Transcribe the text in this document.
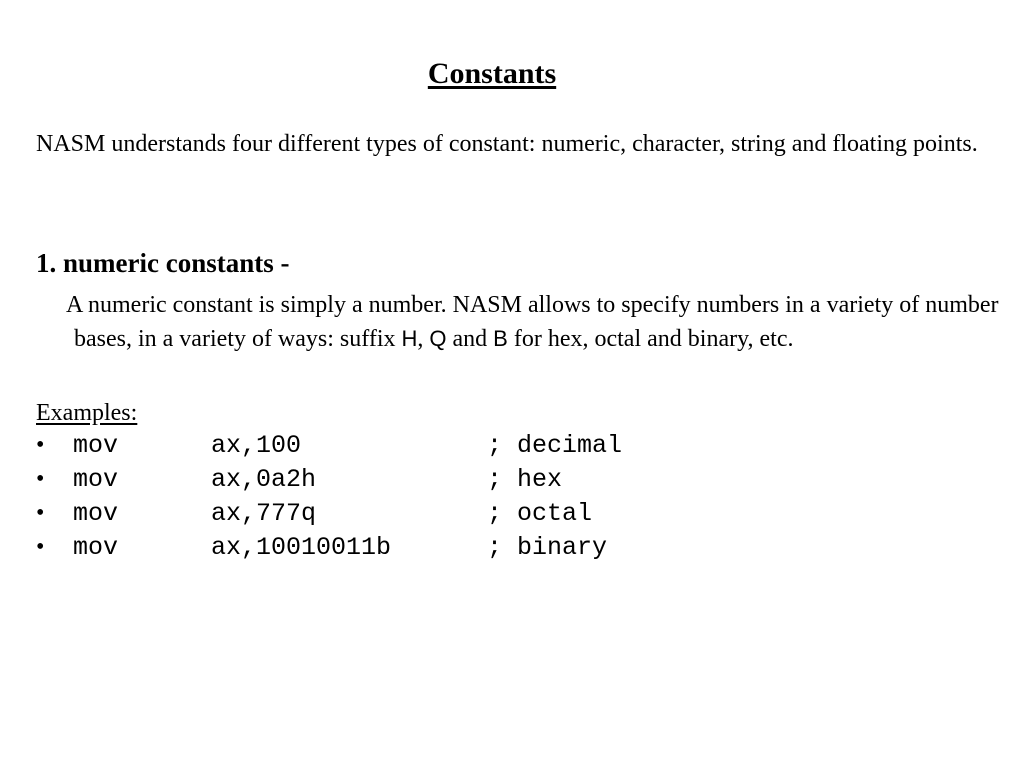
Constants
NASM understands four different types of constant: numeric, character, string and floating points.
1. numeric constants -
A numeric constant is simply a number. NASM allows to specify numbers in a variety of number bases, in a variety of ways: suffix H, Q and B for hex, octal and binary, etc.
Examples:
•	mov	ax,100	; decimal
•	mov	ax,0a2h	; hex
•	mov	ax,777q	; octal
•	mov	ax,10010011b	; binary
